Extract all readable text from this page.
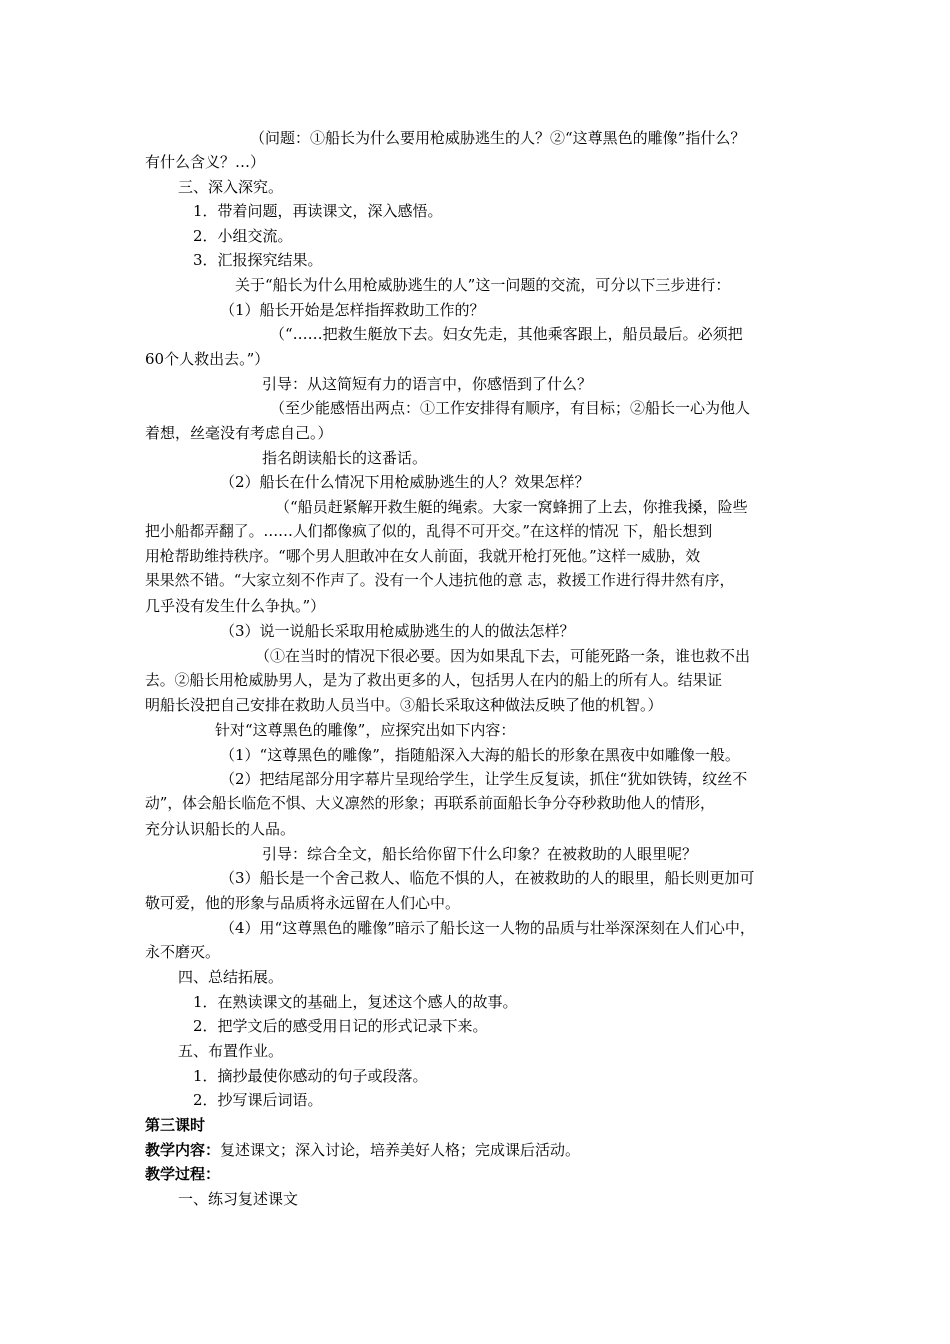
（问题：①船长为什么要用枪威胁逃生的人？②“这尊黑色的雕像”指什么？
有什么含义？…）
三、深入深究。
1．带着问题，再读课文，深入感悟。
2．小组交流。
3．汇报探究结果。
关于“船长为什么用枪威胁逃生的人”这一问题的交流，可分以下三步进行：
（1）船长开始是怎样指挥救助工作的？
（“……把救生艇放下去。妇女先走，其他乘客跟上，船员最后。必须把
60个人救出去。”）
引导：从这简短有力的语言中，你感悟到了什么？
（至少能感悟出两点：①工作安排得有顺序，有目标；②船长一心为他人
着想，丝毫没有考虑自己。）
指名朗读船长的这番话。
（2）船长在什么情况下用枪威胁逃生的人？效果怎样？
（“船员赶紧解开救生艇的绳索。大家一窝蜂拥了上去，你推我搡，险些
把小船都弄翻了。……人们都像疯了似的，乱得不可开交。”在这样的情况 下，船长想到
用枪帮助维持秩序。“哪个男人胆敢冲在女人前面，我就开枪打死他。”这样一威胁，效
果果然不错。“大家立刻不作声了。没有一个人违抗他的意 志，救援工作进行得井然有序，
几乎没有发生什么争执。”）
（3）说一说船长采取用枪威胁逃生的人的做法怎样？
（①在当时的情况下很必要。因为如果乱下去，可能死路一条，谁也救不出
去。②船长用枪威胁男人，是为了救出更多的人，包括男人在内的船上的所有人。结果证
明船长没把自己安排在救助人员当中。③船长采取这种做法反映了他的机智。）
针对“这尊黑色的雕像”，应探究出如下内容：
（1）“这尊黑色的雕像”，指随船深入大海的船长的形象在黑夜中如雕像一般。
（2）把结尾部分用字幕片呈现给学生，让学生反复读，抓住“犹如铁铸，纹丝不
动”，体会船长临危不惧、大义凛然的形象；再联系前面船长争分夺秒救助他人的情形，
充分认识船长的人品。
引导：综合全文，船长给你留下什么印象？在被救助的人眼里呢？
（3）船长是一个舍己救人、临危不惧的人，在被救助的人的眼里，船长则更加可
敬可爱，他的形象与品质将永远留在人们心中。
（4）用“这尊黑色的雕像”暗示了船长这一人物的品质与壮举深深刻在人们心中，
永不磨灭。
四、总结拓展。
1．在熟读课文的基础上，复述这个感人的故事。
2．把学文后的感受用日记的形式记录下来。
五、布置作业。
1．摘抄最使你感动的句子或段落。
2．抄写课后词语。
第三课时
教学内容：复述课文；深入讨论，培养美好人格；完成课后活动。
教学过程：
一、练习复述课文
